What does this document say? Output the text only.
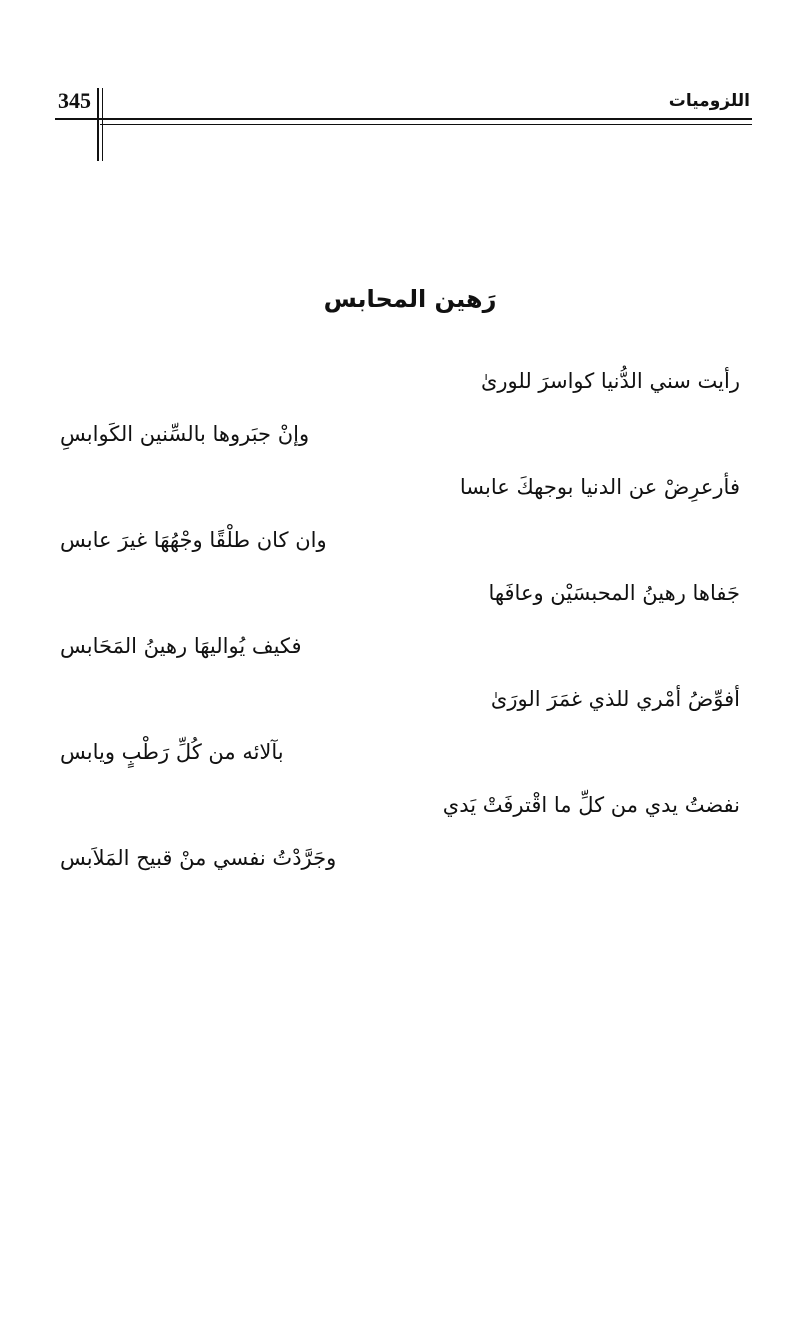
345	اللزوميات
رَهين المحابس
رأيت سني الدُّنيا كواسرَ للورىٰ
وإنْ جبَروها بالسِّنين الكَوابسِ
فأرعرِضْ عن الدنيا بوجهكَ عابسا
وان كان طلْقًا وجْهُهَا غيرَ عابس
جَفاها رهينُ المحبسَيْن وعافَها
فكيف يُواليهَا رهينُ المَحَابس
أفوِّضُ أمْري للذي غمَرَ الورَىٰ
بآلائه من كُلِّ رَطْبٍ ويابس
نفضتُ يدي من كلِّ ما اقْترفَتْ يَدي
وجَرَّدْتُ نفسي منْ قبيح المَلاَبس
